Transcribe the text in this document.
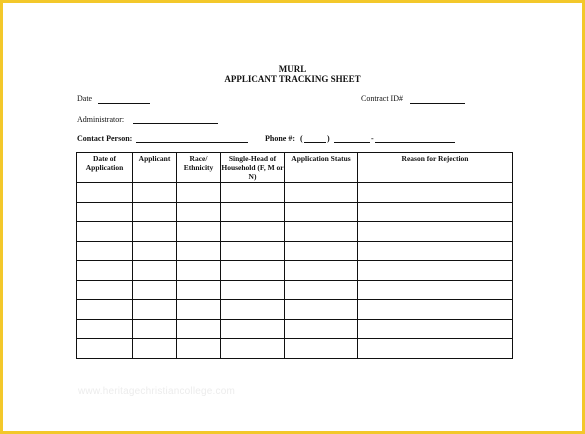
MURL
APPLICANT TRACKING SHEET
Date	Contract ID#
Administrator:
Contact Person:	Phone #: (	)	-
Date of Application	Applicant	Race/ Ethnicity	Single-Head of Household (F, M or N)	Application Status	Reason for Rejection

www.heritagechristiancollege.com
